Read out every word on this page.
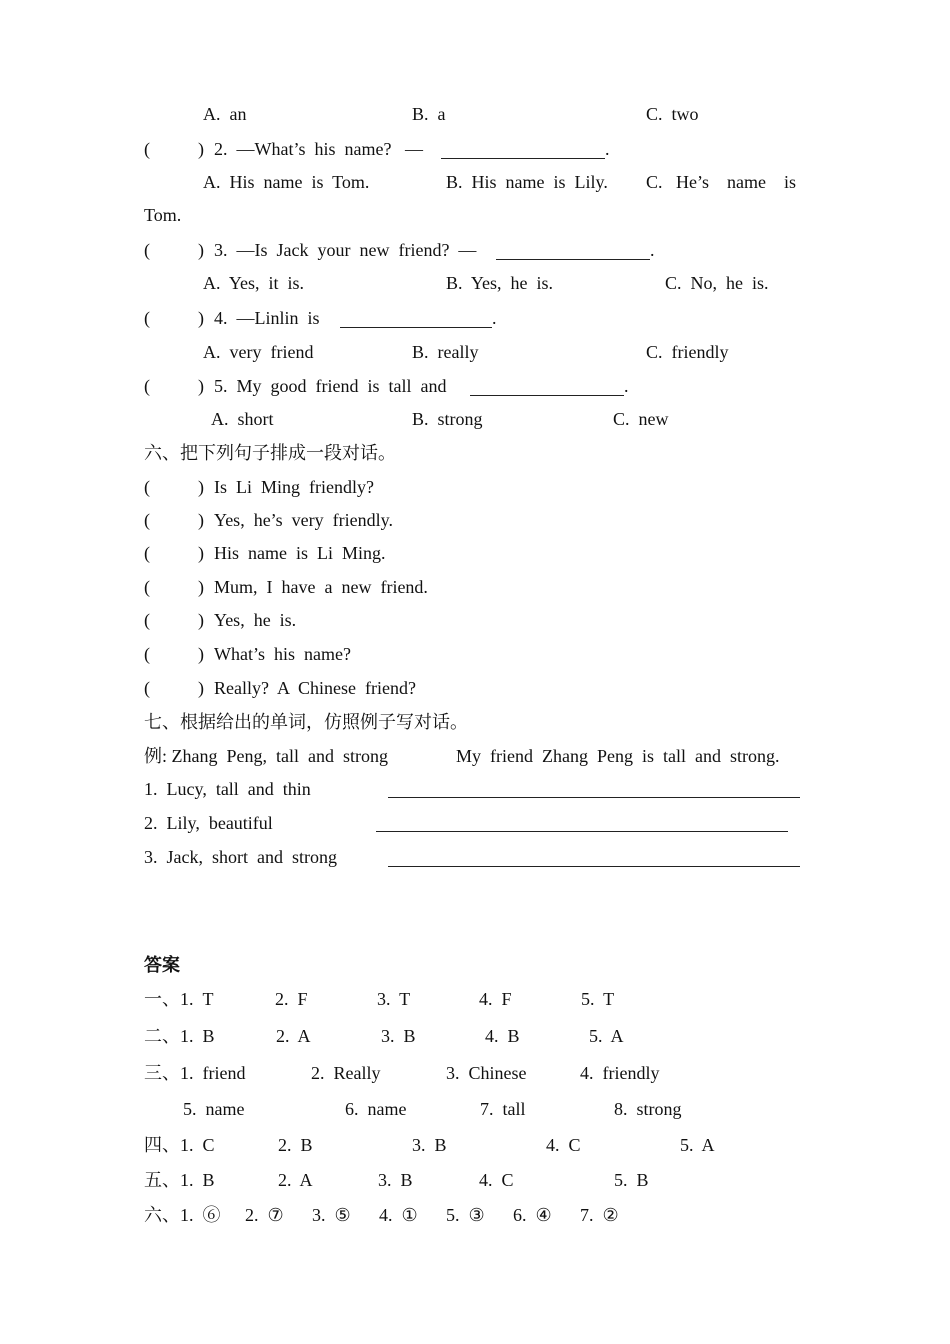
A.  an	B.  a	C.  two
(	) 2.  —What’s  his  name?   —	.
A.  His  name  is  Tom.	B.  His  name  is  Lily. C.   He’s    name    is
Tom.
(	) 3.  —Is  Jack  your  new  friend?  —	.
A.  Yes,  it  is.	B.  Yes,  he  is.	C.  No,  he  is.
(	) 4.  —Linlin  is	.
A.  very  friend	B.  really	C.  friendly
(	) 5.  My  good  friend  is  tall  and	.
A.  short	B.  strong	C.  new
六、把下列句子排成一段对话。
(	) Is  Li  Ming  friendly?
(	) Yes,  he’s  very  friendly.
(	) His  name  is  Li  Ming.
(	) Mum,  I  have  a  new  friend.
(	) Yes,  he  is.
(	) What’s  his  name?
(	) Really?  A  Chinese  friend?
七、根据给出的单词，仿照例子写对话。
例: Zhang  Peng,  tall  and  strong	My  friend  Zhang  Peng  is  tall  and  strong.
1.  Lucy,  tall  and  thin
2.  Lily,  beautiful
3.  Jack,  short  and  strong
答案
一、1.  T	2.  F	3.  T	4.  F	5.  T
二、1.  B	2.  A	3.  B	4.  B	5.  A
三、1.  friend	2.  Really	3.  Chinese	4.  friendly
5.  name	6.  name	7.  tall	8.  strong
四、1.  C	2.  B	3.  B	4.  C	5.  A
五、1.  B	2.  A	3.  B	4.  C	5.  B
六、1.  ⑥ 2.  ⑦ 3.  ⑤ 4.  ① 5.  ③ 6.  ④ 7.  ②
